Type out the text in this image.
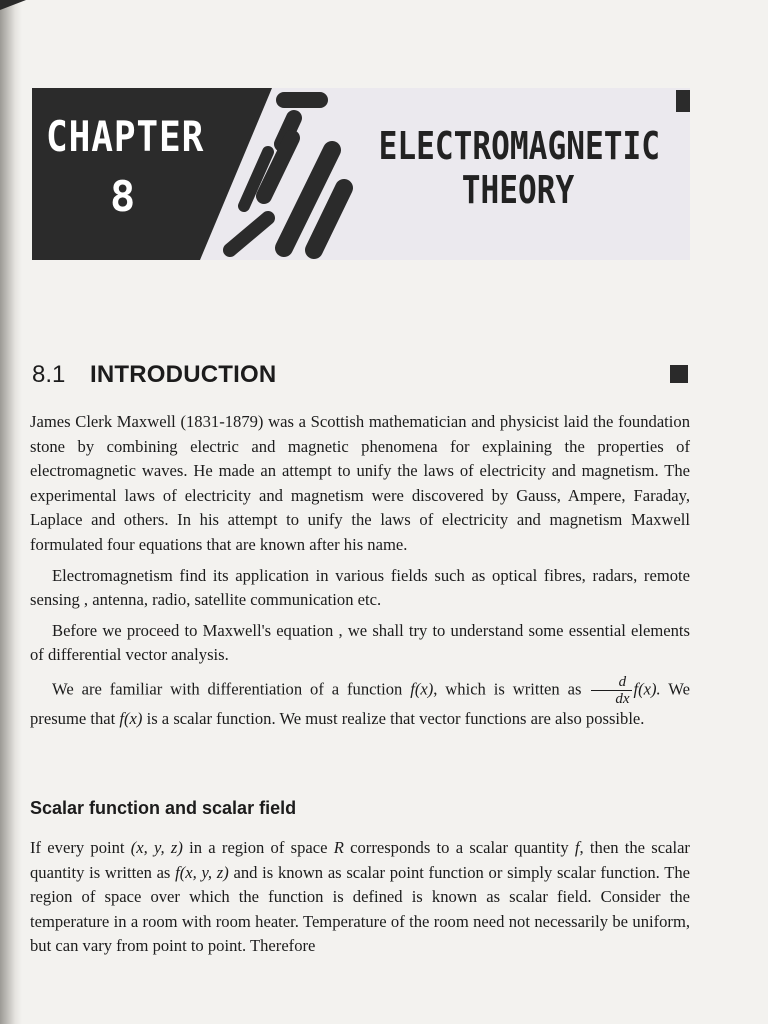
CHAPTER
8
ELECTROMAGNETIC
THEORY
8.1 INTRODUCTION

James Clerk Maxwell (1831-1879) was a Scottish mathematician and physicist laid the foundation stone by combining electric and magnetic phenomena for explaining the properties of electromagnetic waves. He made an attempt to unify the laws of electricity and magnetism. The experimental laws of electricity and magnetism were discovered by Gauss, Ampere, Faraday, Laplace and others. In his attempt to unify the laws of electricity and magnetism Maxwell formulated four equations that are known after his name.

Electromagnetism find its application in various fields such as optical fibres, radars, remote sensing , antenna, radio, satellite communication etc.

Before we proceed to Maxwell's equation , we shall try to understand some essential elements of differential vector analysis.

We are familiar with differentiation of a function f(x), which is written as $\frac{d}{dx} f(x)$. We presume that f(x) is a scalar function. We must realize that vector functions are also possible.

Scalar function and scalar field

If every point (x, y, z) in a region of space R corresponds to a scalar quantity f, then the scalar quantity is written as f(x, y, z) and is known as scalar point function or simply scalar function. The region of space over which the function is defined is known as scalar field. Consider the temperature in a room with room heater. Temperature of the room need not necessarily be uniform, but can vary from point to point. Therefore
